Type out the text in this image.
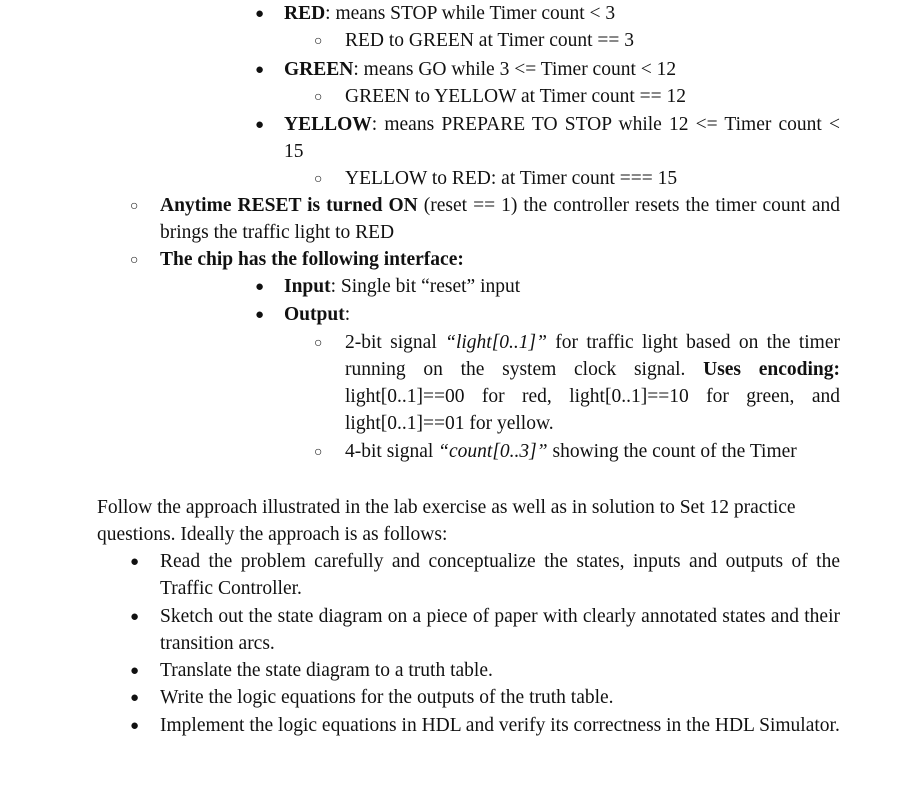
● RED: means STOP while Timer count < 3
○ RED to GREEN at Timer count == 3
● GREEN: means GO while 3 <= Timer count < 12
○ GREEN to YELLOW at Timer count == 12
● YELLOW: means PREPARE TO STOP while 12 <= Timer count < 15
○ YELLOW to RED: at Timer count === 15
○ Anytime RESET is turned ON (reset == 1) the controller resets the timer count and brings the traffic light to RED
○ The chip has the following interface:
● Input: Single bit “reset” input
● Output:
○ 2-bit signal “light[0..1]” for traffic light based on the timer running on the system clock signal. Uses encoding: light[0..1]==00 for red, light[0..1]==10 for green, and light[0..1]==01 for yellow.
○ 4-bit signal “count[0..3]” showing the count of the Timer
Follow the approach illustrated in the lab exercise as well as in solution to Set 12 practice questions. Ideally the approach is as follows:
● Read the problem carefully and conceptualize the states, inputs and outputs of the Traffic Controller.
● Sketch out the state diagram on a piece of paper with clearly annotated states and their transition arcs.
● Translate the state diagram to a truth table.
● Write the logic equations for the outputs of the truth table.
● Implement the logic equations in HDL and verify its correctness in the HDL Simulator.
